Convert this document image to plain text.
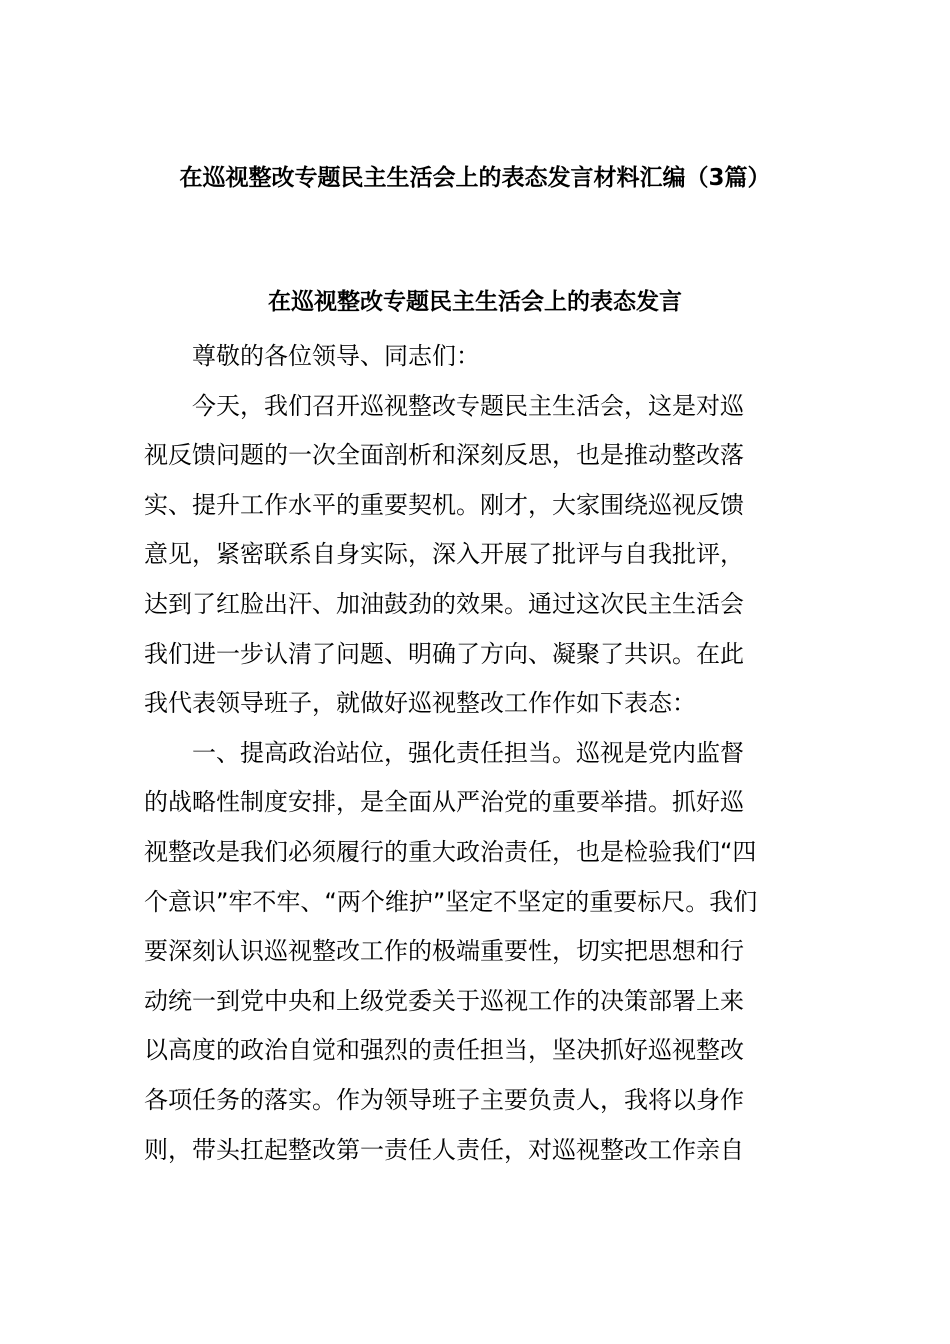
在巡视整改专题民主生活会上的表态发言材料汇编（3篇）
在巡视整改专题民主生活会上的表态发言
　　尊敬的各位领导、同志们：
　　今天，我们召开巡视整改专题民主生活会，这是对巡
视反馈问题的一次全面剖析和深刻反思，也是推动整改落
实、提升工作水平的重要契机。刚才，大家围绕巡视反馈
意见，紧密联系自身实际，深入开展了批评与自我批评，
达到了红脸出汗、加油鼓劲的效果。通过这次民主生活会
我们进一步认清了问题、明确了方向、凝聚了共识。在此
我代表领导班子，就做好巡视整改工作作如下表态：
　　一、提高政治站位，强化责任担当。巡视是党内监督
的战略性制度安排，是全面从严治党的重要举措。抓好巡
视整改是我们必须履行的重大政治责任，也是检验我们“四
个意识”牢不牢、“两个维护”坚定不坚定的重要标尺。我们
要深刻认识巡视整改工作的极端重要性，切实把思想和行
动统一到党中央和上级党委关于巡视工作的决策部署上来
以高度的政治自觉和强烈的责任担当，坚决抓好巡视整改
各项任务的落实。作为领导班子主要负责人，我将以身作
则，带头扛起整改第一责任人责任，对巡视整改工作亲自
